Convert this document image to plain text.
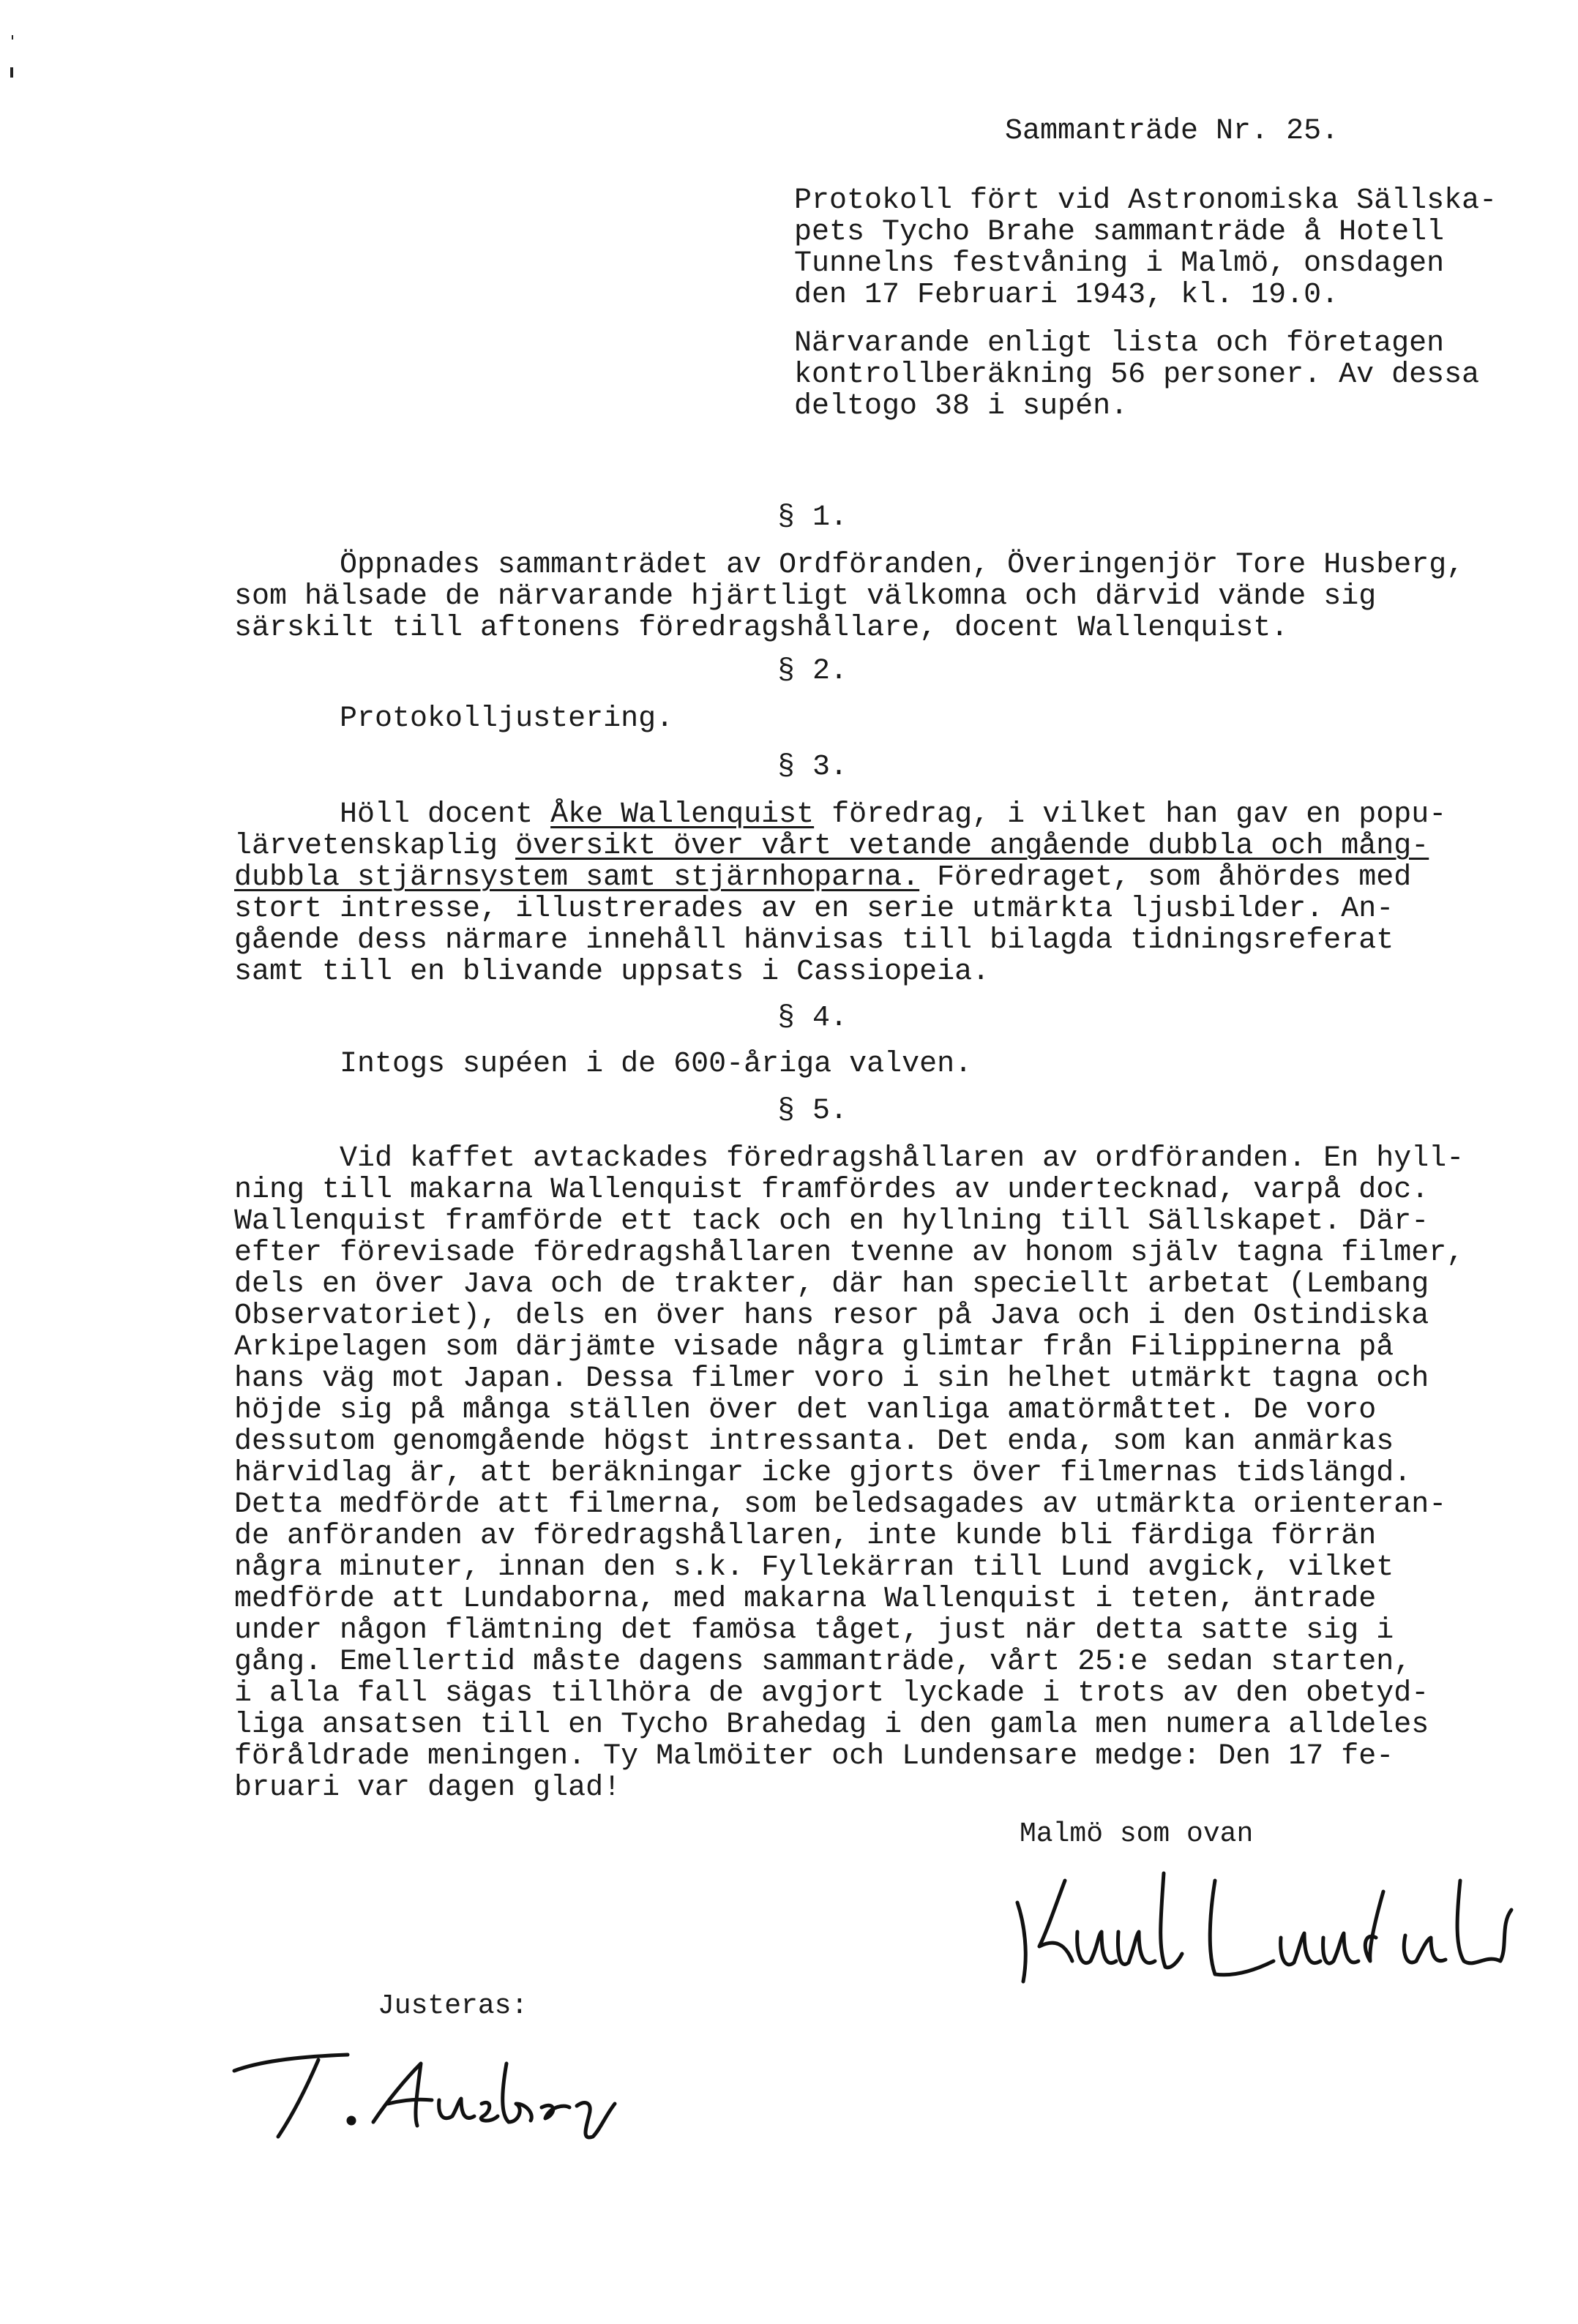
Sammanträde Nr. 25.
Protokoll fört vid Astronomiska Sällska-
pets Tycho Brahe sammanträde å Hotell
Tunnelns festvåning i Malmö, onsdagen
den 17 Februari 1943, kl. 19.0.
Närvarande enligt lista och företagen
kontrollberäkning 56 personer. Av dessa
deltogo 38 i supén.
§ 1.
Öppnades sammanträdet av Ordföranden, Överingenjör Tore Husberg,
som hälsade de närvarande hjärtligt välkomna och därvid vände sig
särskilt till aftonens föredragshållare, docent Wallenquist.
§ 2.
Protokolljustering.
§ 3.
Höll docent Åke Wallenquist föredrag, i vilket han gav en popu-
lärvetenskaplig översikt över vårt vetande angående dubbla och mång-
dubbla stjärnsystem samt stjärnhoparna. Föredraget, som åhördes med
stort intresse, illustrerades av en serie utmärkta ljusbilder. An-
gående dess närmare innehåll hänvisas till bilagda tidningsreferat
samt till en blivande uppsats i Cassiopeia.
§ 4.
Intogs supéen i de 600-åriga valven.
§ 5.
Vid kaffet avtackades föredragshållaren av ordföranden. En hyll-
ning till makarna Wallenquist framfördes av undertecknad, varpå doc.
Wallenquist framförde ett tack och en hyllning till Sällskapet. Där-
efter förevisade föredragshållaren tvenne av honom själv tagna filmer,
dels en över Java och de trakter, där han speciellt arbetat (Lembang
Observatoriet), dels en över hans resor på Java och i den Ostindiska
Arkipelagen som därjämte visade några glimtar från Filippinerna på
hans väg mot Japan. Dessa filmer voro i sin helhet utmärkt tagna och
höjde sig på många ställen över det vanliga amatörmåttet. De voro
dessutom genomgående högst intressanta. Det enda, som kan anmärkas
härvidlag är, att beräkningar icke gjorts över filmernas tidslängd.
Detta medförde att filmerna, som beledsagades av utmärkta orienteran-
de anföranden av föredragshållaren, inte kunde bli färdiga förrän
några minuter, innan den s.k. Fyllekärran till Lund avgick, vilket
medförde att Lundaborna, med makarna Wallenquist i teten, äntrade
under någon flämtning det famösa tåget, just när detta satte sig i
gång. Emellertid måste dagens sammanträde, vårt 25:e sedan starten,
i alla fall sägas tillhöra de avgjort lyckade i trots av den obetyd-
liga ansatsen till en Tycho Brahedag i den gamla men numera alldeles
föråldrade meningen. Ty Malmöiter och Lundensare medge: Den 17 fe-
bruari var dagen glad!
Malmö som ovan
Justeras:
